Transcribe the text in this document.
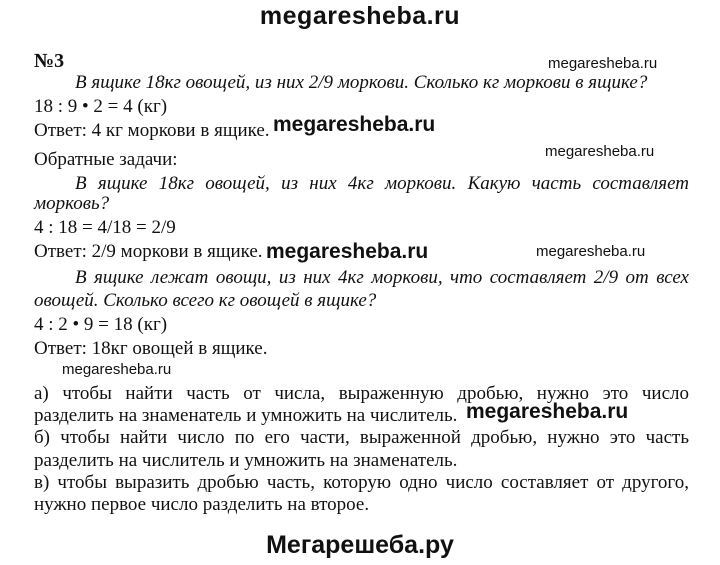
megaresheba.ru
№3	megaresheba.ru
В ящике 18кг овощей, из них 2/9 моркови. Сколько кг моркови в ящике?
18 : 9 • 2 = 4 (кг)
Ответ: 4 кг моркови в ящике. megaresheba.ru
Обратные задачи:	megaresheba.ru
В ящике 18кг овощей, из них 4кг моркови. Какую часть составляет
морковь?
4 : 18 = 4/18 = 2/9
Ответ: 2/9 моркови в ящике. megaresheba.ru	megaresheba.ru
В ящике лежат овощи, из них 4кг моркови, что составляет 2/9 от всех
овощей. Сколько всего кг овощей в ящике?
4 : 2 • 9 = 18 (кг)
Ответ: 18кг овощей в ящике.
megaresheba.ru
а) чтобы найти часть от числа, выраженную дробью, нужно это число
разделить на знаменатель и умножить на числитель. megaresheba.ru
б) чтобы найти число по его части, выраженной дробью, нужно это часть
разделить на числитель и умножить на знаменатель.
в) чтобы выразить дробью часть, которую одно число составляет от другого,
нужно первое число разделить на второе.
Мегарешеба.ру
